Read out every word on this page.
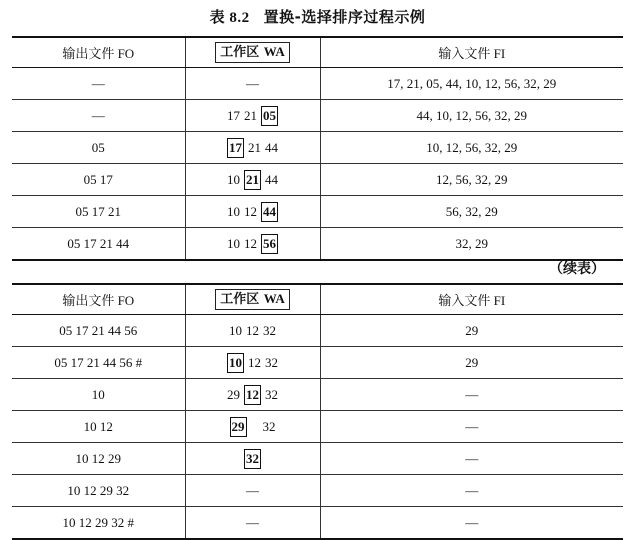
表 8.2 置换-选择排序过程示例
输出文件 FO	工作区 WA	输入文件 FI
—	—	17, 21, 05, 44, 10, 12, 56, 32, 29
—	17 21 05	44, 10, 12, 56, 32, 29
05	17 21 44	10, 12, 56, 32, 29
05 17	10 21 44	12, 56, 32, 29
05 17 21	10 12 44	56, 32, 29
05 17 21 44	10 12 56	32, 29
（续表）
输出文件 FO	工作区 WA	输入文件 FI
05 17 21 44 56	10 12 32	29
05 17 21 44 56 #	10 12 32	29
10	29 12 32	—
10 12	29 32	—
10 12 29	32	—
10 12 29 32	—	—
10 12 29 32 #	—	—
